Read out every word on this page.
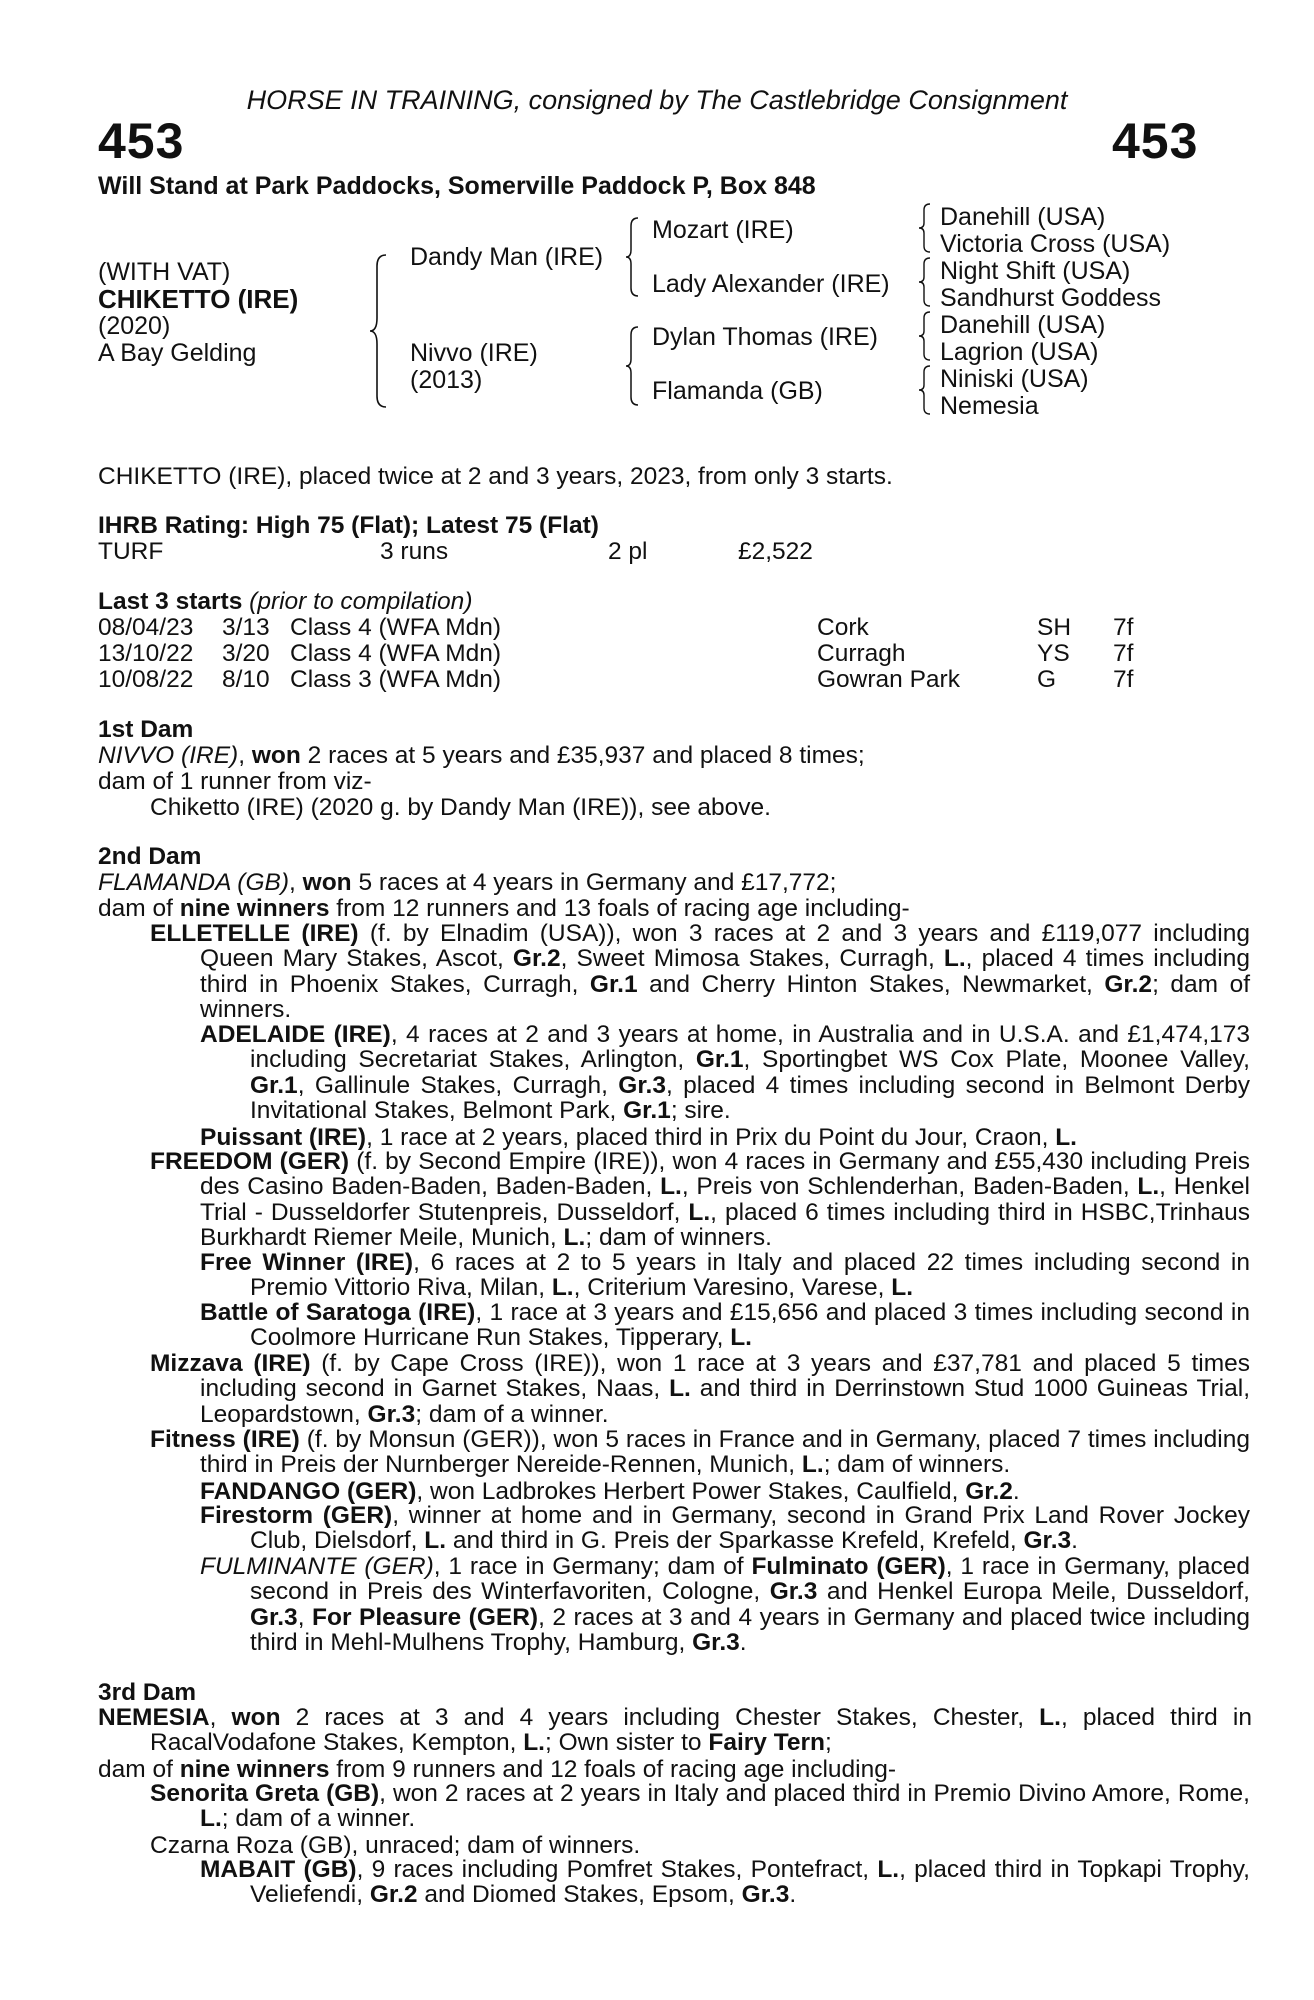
HORSE IN TRAINING, consigned by The Castlebridge Consignment
453	453
Will Stand at Park Paddocks, Somerville Paddock P, Box 848
(WITH VAT)
CHIKETTO (IRE)
(2020)
A Bay Gelding
Dandy Man (IRE)
Nivvo (IRE)
(2013)
Mozart (IRE)
Lady Alexander (IRE)
Dylan Thomas (IRE)
Flamanda (GB)
Danehill (USA)
Victoria Cross (USA)
Night Shift (USA)
Sandhurst Goddess
Danehill (USA)
Lagrion (USA)
Niniski (USA)
Nemesia
CHIKETTO (IRE), placed twice at 2 and 3 years, 2023, from only 3 starts.
IHRB Rating: High 75 (Flat); Latest 75 (Flat)
TURF	3 runs	2 pl	£2,522
Last 3 starts (prior to compilation)
08/04/23 3/13 Class 4 (WFA Mdn)	Cork	SH 7f
13/10/22 3/20 Class 4 (WFA Mdn)	Curragh	YS 7f
10/08/22 8/10 Class 3 (WFA Mdn)	Gowran Park	G 7f
1st Dam
NIVVO (IRE), won 2 races at 5 years and £35,937 and placed 8 times;
dam of 1 runner from viz-
Chiketto (IRE) (2020 g. by Dandy Man (IRE)), see above.
2nd Dam
FLAMANDA (GB), won 5 races at 4 years in Germany and £17,772;
dam of nine winners from 12 runners and 13 foals of racing age including-
ELLETELLE (IRE) (f. by Elnadim (USA)), won 3 races at 2 and 3 years and £119,077 including Queen Mary Stakes, Ascot, Gr.2, Sweet Mimosa Stakes, Curragh, L., placed 4 times including third in Phoenix Stakes, Curragh, Gr.1 and Cherry Hinton Stakes, Newmarket, Gr.2; dam of winners.
ADELAIDE (IRE), 4 races at 2 and 3 years at home, in Australia and in U.S.A. and £1,474,173 including Secretariat Stakes, Arlington, Gr.1, Sportingbet WS Cox Plate, Moonee Valley, Gr.1, Gallinule Stakes, Curragh, Gr.3, placed 4 times including second in Belmont Derby Invitational Stakes, Belmont Park, Gr.1; sire.
Puissant (IRE), 1 race at 2 years, placed third in Prix du Point du Jour, Craon, L.
FREEDOM (GER) (f. by Second Empire (IRE)), won 4 races in Germany and £55,430 including Preis des Casino Baden-Baden, Baden-Baden, L., Preis von Schlenderhan, Baden-Baden, L., Henkel Trial - Dusseldorfer Stutenpreis, Dusseldorf, L., placed 6 times including third in HSBC,Trinhaus Burkhardt Riemer Meile, Munich, L.; dam of winners.
Free Winner (IRE), 6 races at 2 to 5 years in Italy and placed 22 times including second in Premio Vittorio Riva, Milan, L., Criterium Varesino, Varese, L.
Battle of Saratoga (IRE), 1 race at 3 years and £15,656 and placed 3 times including second in Coolmore Hurricane Run Stakes, Tipperary, L.
Mizzava (IRE) (f. by Cape Cross (IRE)), won 1 race at 3 years and £37,781 and placed 5 times including second in Garnet Stakes, Naas, L. and third in Derrinstown Stud 1000 Guineas Trial, Leopardstown, Gr.3; dam of a winner.
Fitness (IRE) (f. by Monsun (GER)), won 5 races in France and in Germany, placed 7 times including third in Preis der Nurnberger Nereide-Rennen, Munich, L.; dam of winners.
FANDANGO (GER), won Ladbrokes Herbert Power Stakes, Caulfield, Gr.2.
Firestorm (GER), winner at home and in Germany, second in Grand Prix Land Rover Jockey Club, Dielsdorf, L. and third in G. Preis der Sparkasse Krefeld, Krefeld, Gr.3.
FULMINANTE (GER), 1 race in Germany; dam of Fulminato (GER), 1 race in Germany, placed second in Preis des Winterfavoriten, Cologne, Gr.3 and Henkel Europa Meile, Dusseldorf, Gr.3, For Pleasure (GER), 2 races at 3 and 4 years in Germany and placed twice including third in Mehl-Mulhens Trophy, Hamburg, Gr.3.
3rd Dam
NEMESIA, won 2 races at 3 and 4 years including Chester Stakes, Chester, L., placed third in RacalVodafone Stakes, Kempton, L.; Own sister to Fairy Tern;
dam of nine winners from 9 runners and 12 foals of racing age including-
Senorita Greta (GB), won 2 races at 2 years in Italy and placed third in Premio Divino Amore, Rome, L.; dam of a winner.
Czarna Roza (GB), unraced; dam of winners.
MABAIT (GB), 9 races including Pomfret Stakes, Pontefract, L., placed third in Topkapi Trophy, Veliefendi, Gr.2 and Diomed Stakes, Epsom, Gr.3.
